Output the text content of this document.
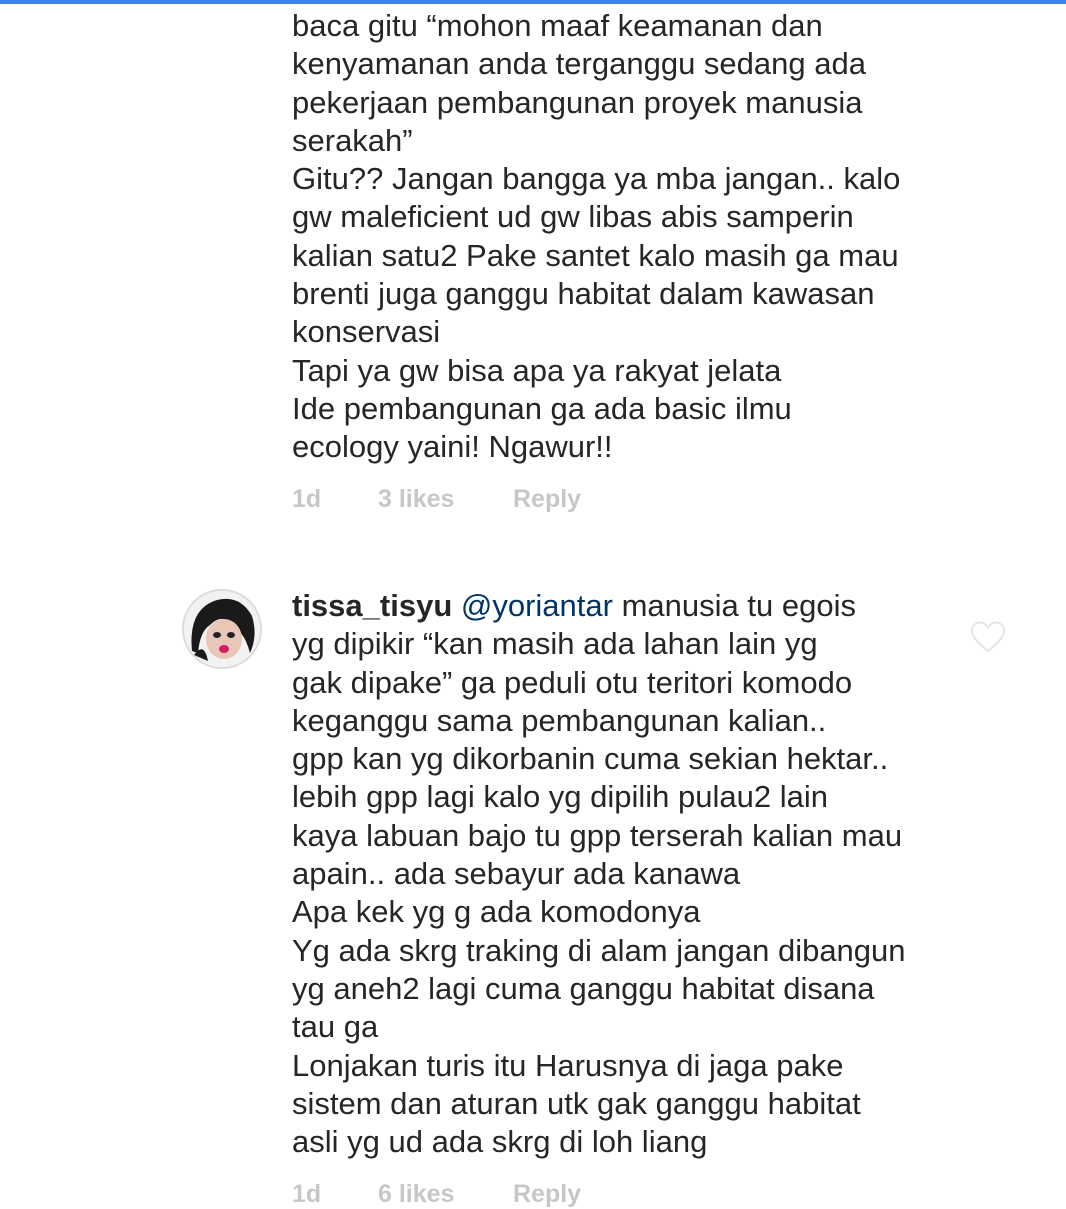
baca gitu “mohon maaf keamanan dan
kenyamanan anda terganggu sedang ada
pekerjaan pembangunan proyek manusia
serakah”
Gitu?? Jangan bangga ya mba jangan.. kalo
gw maleficient ud gw libas abis samperin
kalian satu2 Pake santet kalo masih ga mau
brenti juga ganggu habitat dalam kawasan
konservasi
Tapi ya gw bisa apa ya rakyat jelata
Ide pembangunan ga ada basic ilmu
ecology yaini! Ngawur!!
1d	3 likes	Reply
tissa_tisyu @yoriantar manusia tu egois
yg dipikir “kan masih ada lahan lain yg
gak dipake” ga peduli otu teritori komodo
keganggu sama pembangunan kalian..
gpp kan yg dikorbanin cuma sekian hektar..
lebih gpp lagi kalo yg dipilih pulau2 lain
kaya labuan bajo tu gpp terserah kalian mau
apain.. ada sebayur ada kanawa
Apa kek yg g ada komodonya
Yg ada skrg traking di alam jangan dibangun
yg aneh2 lagi cuma ganggu habitat disana
tau ga
Lonjakan turis itu Harusnya di jaga pake
sistem dan aturan utk gak ganggu habitat
asli yg ud ada skrg di loh liang
1d	6 likes	Reply
